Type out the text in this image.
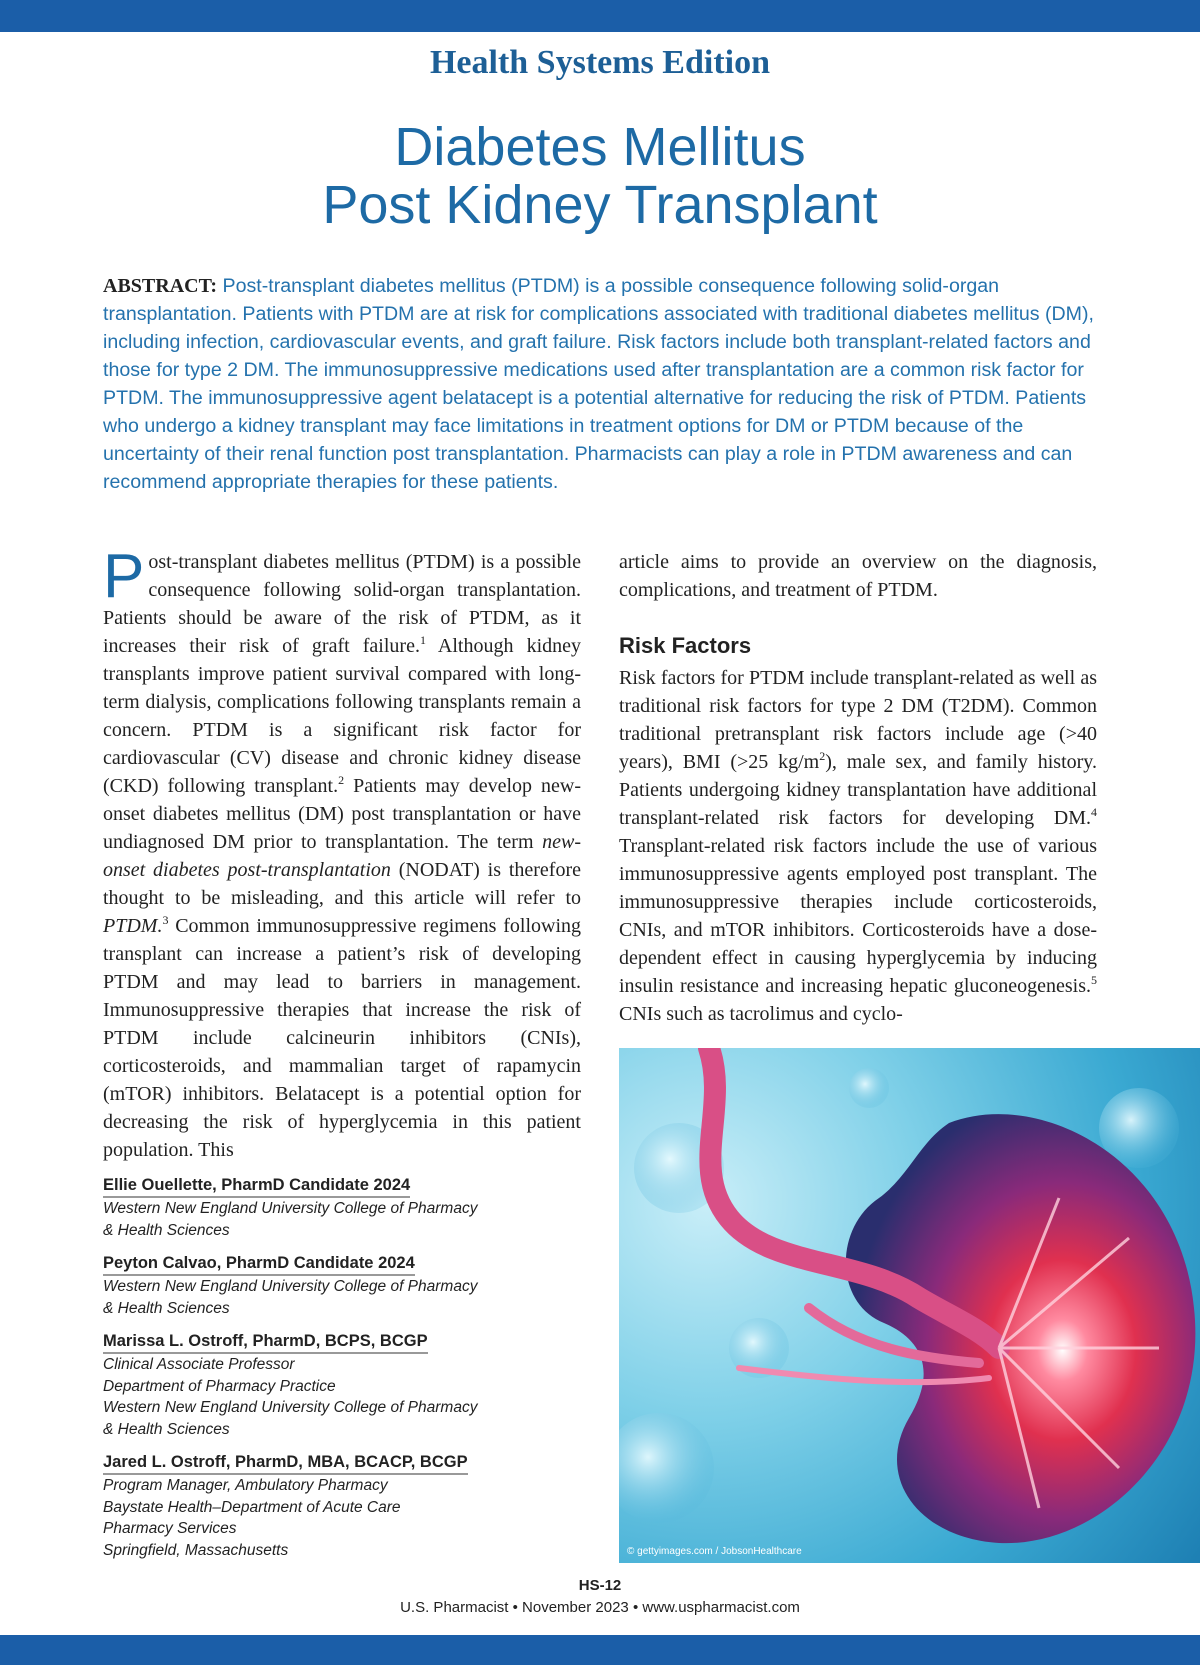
Health Systems Edition
Diabetes Mellitus
Post Kidney Transplant
ABSTRACT: Post-transplant diabetes mellitus (PTDM) is a possible consequence following solid-organ transplantation. Patients with PTDM are at risk for complications associated with traditional diabetes mellitus (DM), including infection, cardiovascular events, and graft failure. Risk factors include both transplant-related factors and those for type 2 DM. The immunosuppressive medications used after transplantation are a common risk factor for PTDM. The immunosuppressive agent belatacept is a potential alternative for reducing the risk of PTDM. Patients who undergo a kidney transplant may face limitations in treatment options for DM or PTDM because of the uncertainty of their renal function post transplantation. Pharmacists can play a role in PTDM awareness and can recommend appropriate therapies for these patients.

Post-transplant diabetes mellitus (PTDM) is a possible consequence following solid-organ transplantation. Patients should be aware of the risk of PTDM, as it increases their risk of graft failure.$^1$ Although kidney transplants improve patient survival compared with long-term dialysis, complications following transplants remain a concern. PTDM is a significant risk factor for cardiovascular (CV) disease and chronic kidney disease (CKD) following transplant.$^2$ Patients may develop new-onset diabetes mellitus (DM) post transplantation or have undiagnosed DM prior to transplantation. The term new-onset diabetes post-transplantation (NODAT) is therefore thought to be misleading, and this article will refer to PTDM.$^3$ Common immunosuppressive regimens following transplant can increase a patient’s risk of developing PTDM and may lead to barriers in management. Immunosuppressive therapies that increase the risk of PTDM include calcineurin inhibitors (CNIs), corticosteroids, and mammalian target of rapamycin (mTOR) inhibitors. Belatacept is a potential option for decreasing the risk of hyperglycemia in this patient population. This

article aims to provide an overview on the diagnosis, complications, and treatment of PTDM.

Risk Factors

Risk factors for PTDM include transplant-related as well as traditional risk factors for type 2 DM (T2DM). Common traditional pretransplant risk factors include age (>40 years), BMI (>25 $kg/m^2$), male sex, and family history. Patients undergoing kidney transplantation have additional transplant-related risk factors for developing DM.$^4$ Transplant-related risk factors include the use of various immunosuppressive agents employed post transplant. The immunosuppressive therapies include corticosteroids, CNIs, and mTOR inhibitors. Corticosteroids have a dose-dependent effect in causing hyperglycemia by inducing insulin resistance and increasing hepatic gluconeogenesis.$^5$ CNIs such as tacrolimus and cyclo-

Ellie Ouellette, PharmD Candidate 2024
Western New England University College of Pharmacy
& Health Sciences
Peyton Calvao, PharmD Candidate 2024
Western New England University College of Pharmacy
& Health Sciences
Marissa L. Ostroff, PharmD, BCPS, BCGP
Clinical Associate Professor
Department of Pharmacy Practice
Western New England University College of Pharmacy
& Health Sciences
Jared L. Ostroff, PharmD, MBA, BCACP, BCGP
Program Manager, Ambulatory Pharmacy
Baystate Health–Department of Acute Care
Pharmacy Services
Springfield, Massachusetts	© gettyimages.com / JobsonHealthcare
HS-12
U.S. Pharmacist • November 2023 • www.uspharmacist.com
